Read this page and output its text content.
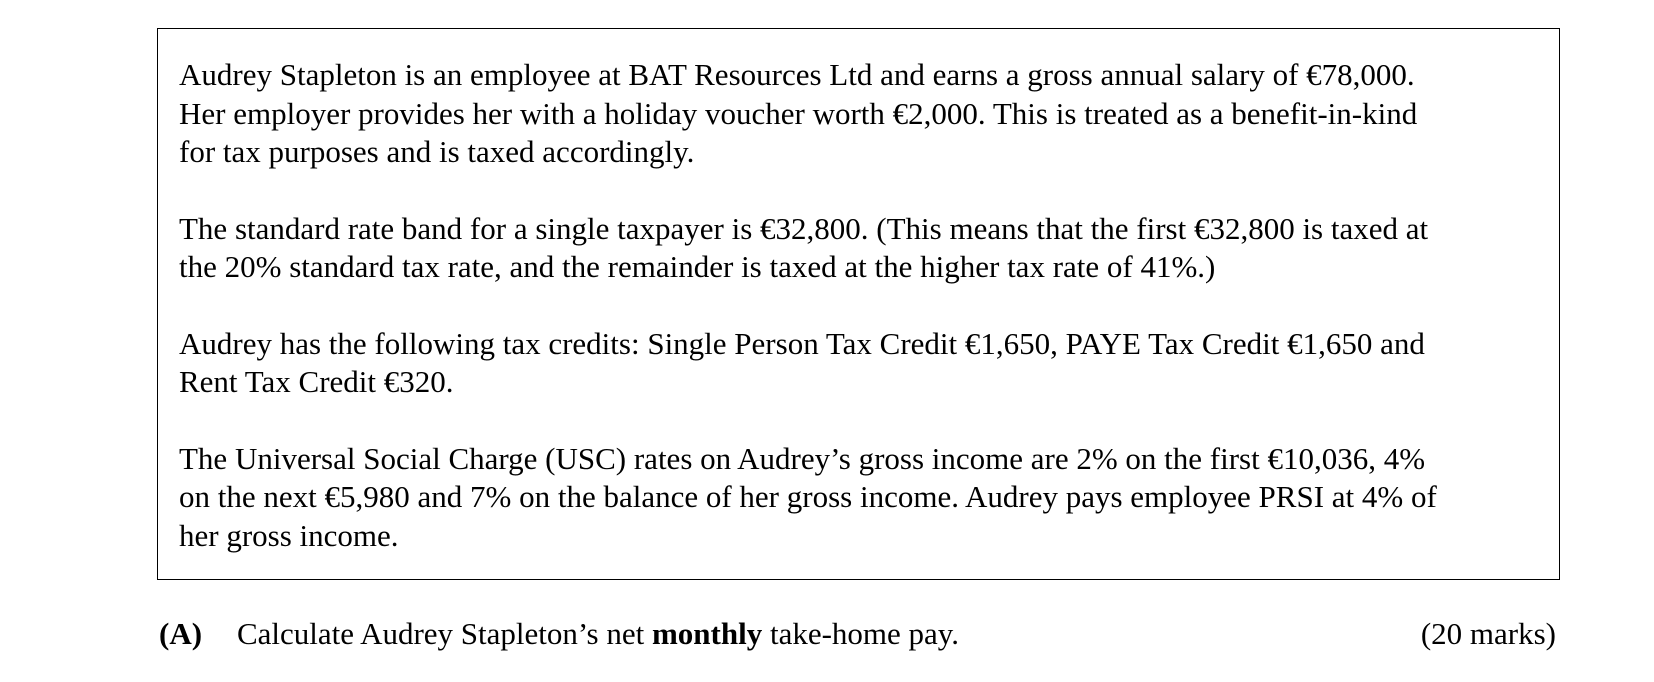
Audrey Stapleton is an employee at BAT Resources Ltd and earns a gross annual salary of €78,000.
Her employer provides her with a holiday voucher worth €2,000. This is treated as a benefit-in-kind
for tax purposes and is taxed accordingly.

The standard rate band for a single taxpayer is €32,800. (This means that the first €32,800 is taxed at
the 20% standard tax rate, and the remainder is taxed at the higher tax rate of 41%.)

Audrey has the following tax credits: Single Person Tax Credit €1,650, PAYE Tax Credit €1,650 and
Rent Tax Credit €320.

The Universal Social Charge (USC) rates on Audrey’s gross income are 2% on the first €10,036, 4%
on the next €5,980 and 7% on the balance of her gross income. Audrey pays employee PRSI at 4% of
her gross income.

(A) Calculate Audrey Stapleton’s net monthly take-home pay.	(20 marks)
